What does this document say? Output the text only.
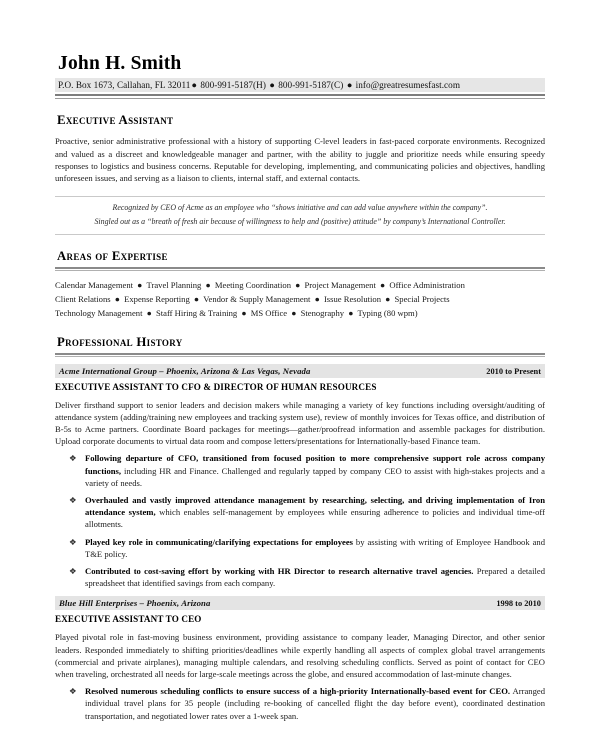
John H. Smith
P.O. Box 1673, Callahan, FL 32011● 800-991-5187(H) ● 800-991-5187(C) ● info@greatresumesfast.com
Executive Assistant
Proactive, senior administrative professional with a history of supporting C-level leaders in fast-paced corporate environments. Recognized and valued as a discreet and knowledgeable manager and partner, with the ability to juggle and prioritize needs while ensuring speedy responses to logistics and business concerns. Reputable for developing, implementing, and communicating policies and objectives, handling unforeseen issues, and serving as a liaison to clients, internal staff, and external contacts.
Recognized by CEO of Acme as an employee who “shows initiative and can add value anywhere within the company”.
Singled out as a “breath of fresh air because of willingness to help and (positive) attitude” by company’s International Controller.
Areas of Expertise
Calendar Management ● Travel Planning ● Meeting Coordination ● Project Management ● Office Administration
Client Relations ● Expense Reporting ● Vendor & Supply Management ● Issue Resolution ● Special Projects
Technology Management ● Staff Hiring & Training ● MS Office ● Stenography ● Typing (80 wpm)
Professional History
Acme International Group – Phoenix, Arizona & Las Vegas, Nevada	2010 to Present
EXECUTIVE ASSISTANT TO CFO & DIRECTOR OF HUMAN RESOURCES
Deliver firsthand support to senior leaders and decision makers while managing a variety of key functions including oversight/auditing of attendance system (adding/training new employees and tracking system use), review of monthly invoices for Texas office, and distribution of B-5s to Acme partners. Coordinate Board packages for meetings—gather/proofread information and assemble packages for distribution. Upload corporate documents to virtual data room and compose letters/presentations for Internationally-based Finance team.
❖ Following departure of CFO, transitioned from focused position to more comprehensive support role across company functions, including HR and Finance. Challenged and regularly tapped by company CEO to assist with high-stakes projects and a variety of needs.
❖ Overhauled and vastly improved attendance management by researching, selecting, and driving implementation of Iron attendance system, which enables self-management by employees while ensuring adherence to policies and individual time-off allotments.
❖ Played key role in communicating/clarifying expectations for employees by assisting with writing of Employee Handbook and T&E policy.
❖ Contributed to cost-saving effort by working with HR Director to research alternative travel agencies. Prepared a detailed spreadsheet that identified savings from each company.
Blue Hill Enterprises – Phoenix, Arizona	1998 to 2010
EXECUTIVE ASSISTANT TO CEO
Played pivotal role in fast-moving business environment, providing assistance to company leader, Managing Director, and other senior leaders. Responded immediately to shifting priorities/deadlines while expertly handling all aspects of complex global travel arrangements (commercial and private airplanes), managing multiple calendars, and resolving scheduling conflicts. Served as point of contact for CEO when traveling, orchestrated all needs for large-scale meetings across the globe, and ensured accommodation of last-minute changes.
❖ Resolved numerous scheduling conflicts to ensure success of a high-priority Internationally-based event for CEO. Arranged individual travel plans for 35 people (including re-booking of cancelled flight the day before event), coordinated destination transportation, and negotiated lower rates over a 1-week span.
